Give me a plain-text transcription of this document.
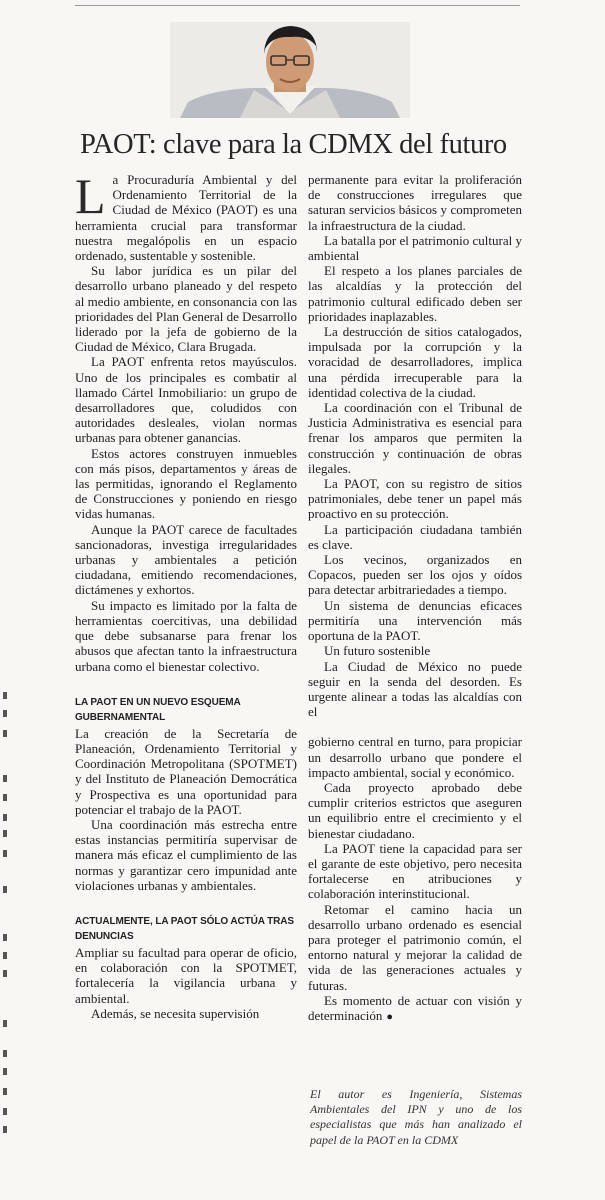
PAOT: clave para la CDMX del futuro

La Procuraduría Ambiental y del Ordenamiento Territorial de la Ciudad de México (PAOT) es una herramienta crucial para transformar nuestra megalópolis en un espacio ordenado, sustentable y sostenible.

Su labor jurídica es un pilar del desarrollo urbano planeado y del respeto al medio ambiente, en consonancia con las prioridades del Plan General de Desarrollo liderado por la jefa de gobierno de la Ciudad de México, Clara Brugada.

La PAOT enfrenta retos mayúsculos. Uno de los principales es combatir al llamado Cártel Inmobiliario: un grupo de desarrolladores que, coludidos con autoridades desleales, violan normas urbanas para obtener ganancias.

Estos actores construyen inmuebles con más pisos, departamentos y áreas de las permitidas, ignorando el Reglamento de Construcciones y poniendo en riesgo vidas humanas.

Aunque la PAOT carece de facultades sancionadoras, investiga irregularidades urbanas y ambientales a petición ciudadana, emitiendo recomendaciones, dictámenes y exhortos.

Su impacto es limitado por la falta de herramientas coercitivas, una debilidad que debe subsanarse para frenar los abusos que afectan tanto la infraestructura urbana como el bienestar colectivo.

LA PAOT EN UN NUEVO ESQUEMA GUBERNAMENTAL

La creación de la Secretaría de Planeación, Ordenamiento Territorial y Coordinación Metropolitana (SPOTMET) y del Instituto de Planeación Democrática y Prospectiva es una oportunidad para potenciar el trabajo de la PAOT.

Una coordinación más estrecha entre estas instancias permitiría supervisar de manera más eficaz el cumplimiento de las normas y garantizar cero impunidad ante violaciones urbanas y ambientales.

ACTUALMENTE, LA PAOT SÓLO ACTÚA TRAS DENUNCIAS

Ampliar su facultad para operar de oficio, en colaboración con la SPOTMET, fortalecería la vigilancia urbana y ambiental.

Además, se necesita supervisión

permanente para evitar la proliferación de construcciones irregulares que saturan servicios básicos y comprometen la infraestructura de la ciudad.

La batalla por el patrimonio cultural y ambiental

El respeto a los planes parciales de las alcaldías y la protección del patrimonio cultural edificado deben ser prioridades inaplazables.

La destrucción de sitios catalogados, impulsada por la corrupción y la voracidad de desarrolladores, implica una pérdida irrecuperable para la identidad colectiva de la ciudad.

La coordinación con el Tribunal de Justicia Administrativa es esencial para frenar los amparos que permiten la construcción y continuación de obras ilegales.

La PAOT, con su registro de sitios patrimoniales, debe tener un papel más proactivo en su protección.

La participación ciudadana también es clave.

Los vecinos, organizados en Copacos, pueden ser los ojos y oídos para detectar arbitrariedades a tiempo.

Un sistema de denuncias eficaces permitiría una intervención más oportuna de la PAOT.

Un futuro sostenible

La Ciudad de México no puede seguir en la senda del desorden. Es urgente alinear a todas las alcaldías con el

gobierno central en turno, para propiciar un desarrollo urbano que pondere el impacto ambiental, social y económico.

Cada proyecto aprobado debe cumplir criterios estrictos que aseguren un equilibrio entre el crecimiento y el bienestar ciudadano.

La PAOT tiene la capacidad para ser el garante de este objetivo, pero necesita fortalecerse en atribuciones y colaboración interinstitucional.

Retomar el camino hacia un desarrollo urbano ordenado es esencial para proteger el patrimonio común, el entorno natural y mejorar la calidad de vida de las generaciones actuales y futuras.

Es momento de actuar con visión y determinación ●

El autor es Ingeniería, Sistemas Ambientales del IPN y uno de los especialistas que más han analizado el papel de la PAOT en la CDMX
